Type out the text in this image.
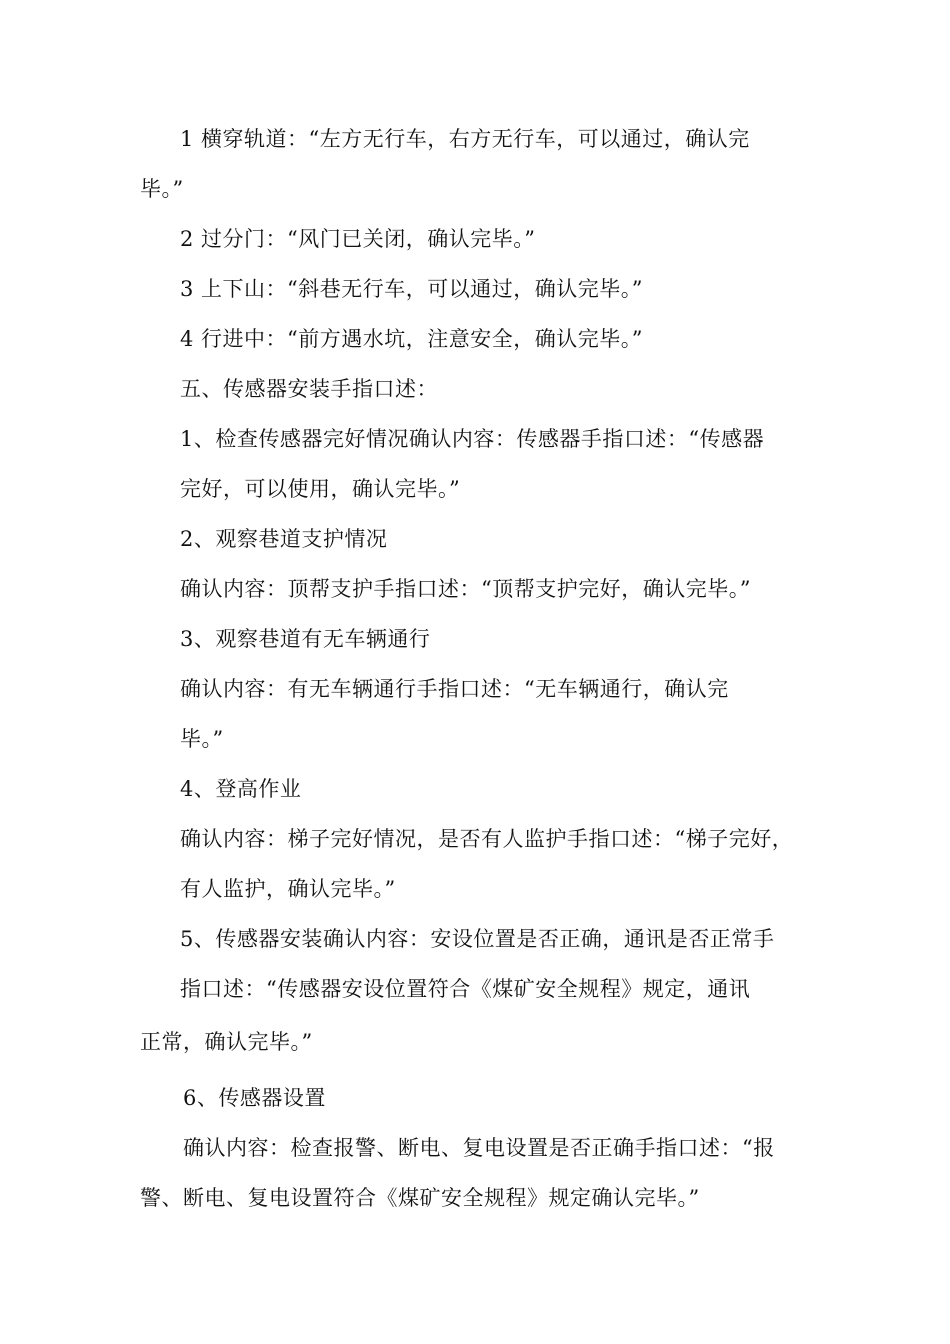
1 横穿轨道：“左方无行车，右方无行车，可以通过，确认完
毕。”
2 过分门：“风门已关闭，确认完毕。”
3 上下山：“斜巷无行车，可以通过，确认完毕。”
4 行进中：“前方遇水坑，注意安全，确认完毕。”
五、传感器安装手指口述：
1、检查传感器完好情况确认内容：传感器手指口述：“传感器
完好，可以使用，确认完毕。”
2、观察巷道支护情况
确认内容：顶帮支护手指口述：“顶帮支护完好，确认完毕。”
3、观察巷道有无车辆通行
确认内容：有无车辆通行手指口述：“无车辆通行，确认完
毕。”
4、登高作业
确认内容：梯子完好情况，是否有人监护手指口述：“梯子完好，
有人监护，确认完毕。”
5、传感器安装确认内容：安设位置是否正确，通讯是否正常手
指口述：“传感器安设位置符合《煤矿安全规程》规定，通讯
正常，确认完毕。”
6、传感器设置
确认内容：检查报警、断电、复电设置是否正确手指口述：“报
警、断电、复电设置符合《煤矿安全规程》规定确认完毕。”
